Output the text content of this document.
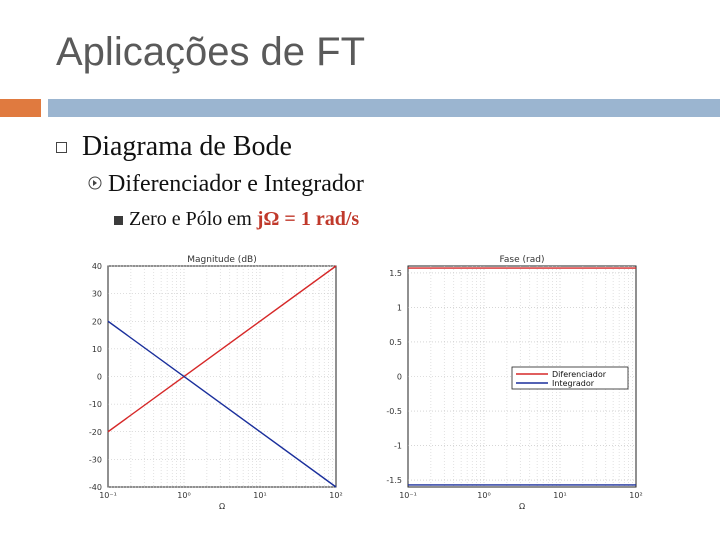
Aplicações de FT
Diagrama de Bode
Diferenciador e Integrador
Zero e Pólo em jΩ = 1 rad/s
40
30
20
10
0
-10
-20
-30
-40
10⁻¹	10⁰	10¹	10²
Magnitude (dB)
Ω
1.5
1
0.5
0
-0.5
-1
-1.5
10⁻¹	10⁰	10¹	10²
Fase (rad)
Ω
Diferenciador
Integrador
